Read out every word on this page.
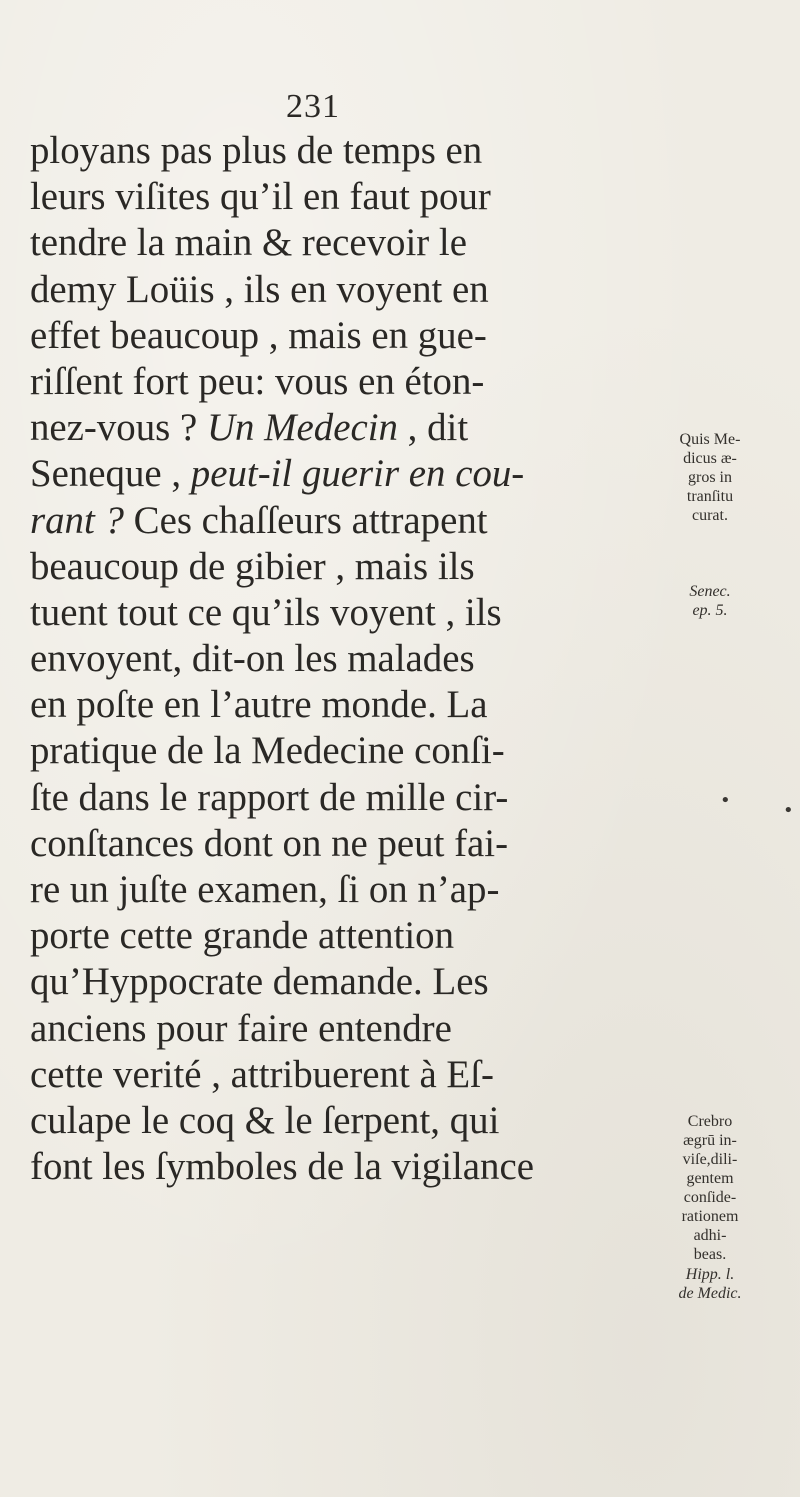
231
ployans pas plus de temps en
leurs viſites qu’il en faut pour
tendre la main & recevoir le
demy Loüis , ils en voyent en
effet beaucoup , mais en gue-
riſſent fort peu: vous en éton-
nez-vous ? Un Medecin , dit
Seneque , peut-il guerir en cou-
rant ? Ces chaſſeurs attrapent
beaucoup de gibier , mais ils
tuent tout ce qu’ils voyent , ils
envoyent, dit-on les malades
en poſte en l’autre monde. La
pratique de la Medecine conſi-
ſte dans le rapport de mille cir-
conſtances dont on ne peut fai-
re un juſte examen, ſi on n’ap-
porte cette grande attention
qu’Hyppocrate demande. Les
anciens pour faire entendre
cette verité , attribuerent à Eſ-
culape le coq & le ſerpent, qui
font les ſymboles de la vigilance
Quis Me-
dicus æ-
gros in
tranſitu
curat.
Senec.
ep. 5.
Crebro
ægrū in-
viſe,dili-
gentem
conſide-
rationem
adhi-
beas.
Hipp. l.
de Medic.
•	•
